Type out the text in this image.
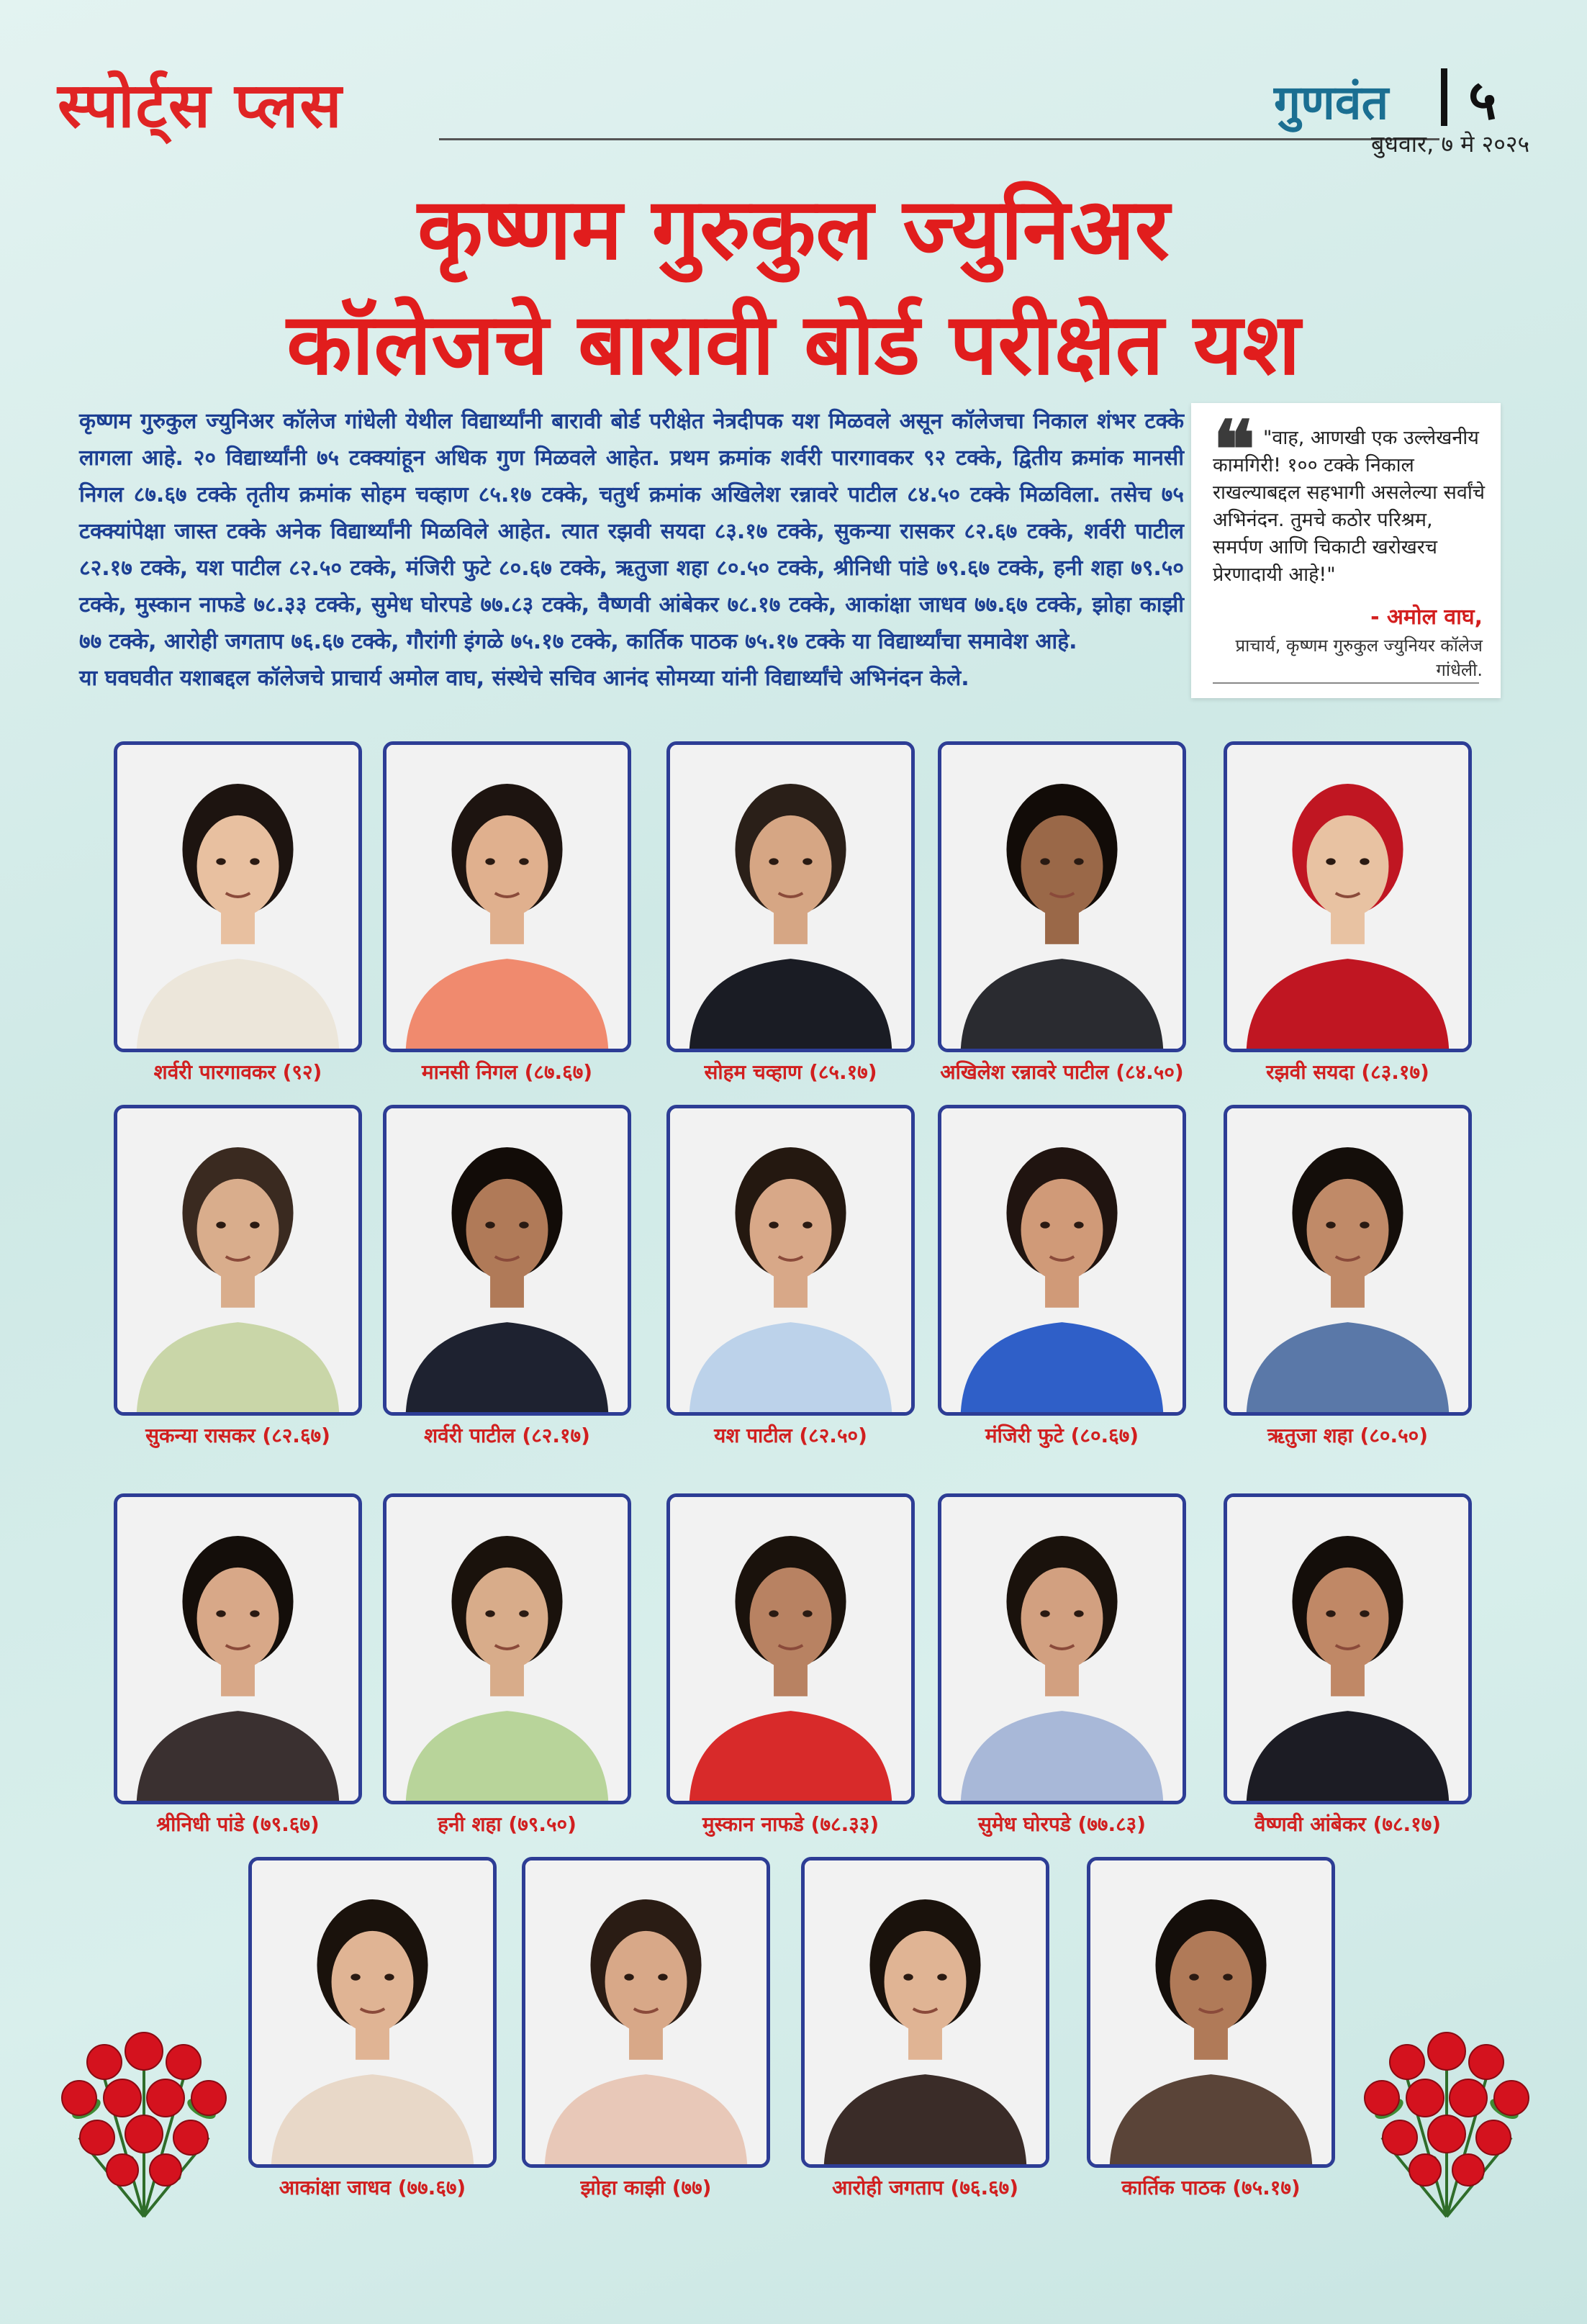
स्पोर्ट्स प्लस	गुणवंत ५
बुधवार, ७ मे २०२५
कृष्णम गुरुकुल ज्युनिअर
कॉलेजचे बारावी बोर्ड परीक्षेत यश
कृष्णम गुरुकुल ज्युनिअर कॉलेज गांधेली येथील विद्यार्थ्यांनी बारावी बोर्ड परीक्षेत नेत्रदीपक यश मिळवले असून कॉलेजचा निकाल शंभर टक्के लागला आहे. २० विद्यार्थ्यांनी ७५ टक्क्यांहून अधिक गुण मिळवले आहेत. प्रथम क्रमांक शर्वरी पारगावकर ९२ टक्के, द्वितीय क्रमांक मानसी निगल ८७.६७ टक्के तृतीय क्रमांक सोहम चव्हाण ८५.१७ टक्के, चतुर्थ क्रमांक अखिलेश रन्नावरे पाटील ८४.५० टक्के मिळविला. तसेच ७५ टक्क्यांपेक्षा जास्त टक्के अनेक विद्यार्थ्यांनी मिळविले आहेत. त्यात रझवी सयदा ८३.१७ टक्के, सुकन्या रासकर ८२.६७ टक्के, शर्वरी पाटील ८२.१७ टक्के, यश पाटील ८२.५० टक्के, मंजिरी फुटे ८०.६७ टक्के, ऋतुजा शहा ८०.५० टक्के, श्रीनिधी पांडे ७९.६७ टक्के, हनी शहा ७९.५० टक्के, मुस्कान नाफडे ७८.३३ टक्के, सुमेध घोरपडे ७७.८३ टक्के, वैष्णवी आंबेकर ७८.१७ टक्के, आकांक्षा जाधव ७७.६७ टक्के, झोहा काझी ७७ टक्के, आरोही जगताप ७६.६७ टक्के, गौरांगी इंगळे ७५.१७ टक्के, कार्तिक पाठक ७५.१७ टक्के या विद्यार्थ्यांचा समावेश आहे.
या घवघवीत यशाबद्दल कॉलेजचे प्राचार्य अमोल वाघ, संस्थेचे सचिव आनंद सोमय्या यांनी विद्यार्थ्यांचे अभिनंदन केले.
❝ "वाह, आणखी एक उल्लेखनीय कामगिरी! १०० टक्के निकाल राखल्याबद्दल सहभागी असलेल्या सर्वांचे अभिनंदन. तुमचे कठोर परिश्रम, समर्पण आणि चिकाटी खरोखरच प्रेरणादायी आहे!"
- अमोल वाघ,
प्राचार्य, कृष्णम गुरुकुल ज्युनियर कॉलेज गांधेली.
शर्वरी पारगावकर (९२)	मानसी निगल (८७.६७)	सोहम चव्हाण (८५.१७)	अखिलेश रन्नावरे पाटील (८४.५०)	रझवी सयदा (८३.१७)
सुकन्या रासकर (८२.६७)	शर्वरी पाटील (८२.१७)	यश पाटील (८२.५०)	मंजिरी फुटे (८०.६७)	ऋतुजा शहा (८०.५०)
श्रीनिधी पांडे (७९.६७)	हनी शहा (७९.५०)	मुस्कान नाफडे (७८.३३)	सुमेध घोरपडे (७७.८३)	वैष्णवी आंबेकर (७८.१७)
आकांक्षा जाधव (७७.६७)	झोहा काझी (७७)	आरोही जगताप (७६.६७)	कार्तिक पाठक (७५.१७)
